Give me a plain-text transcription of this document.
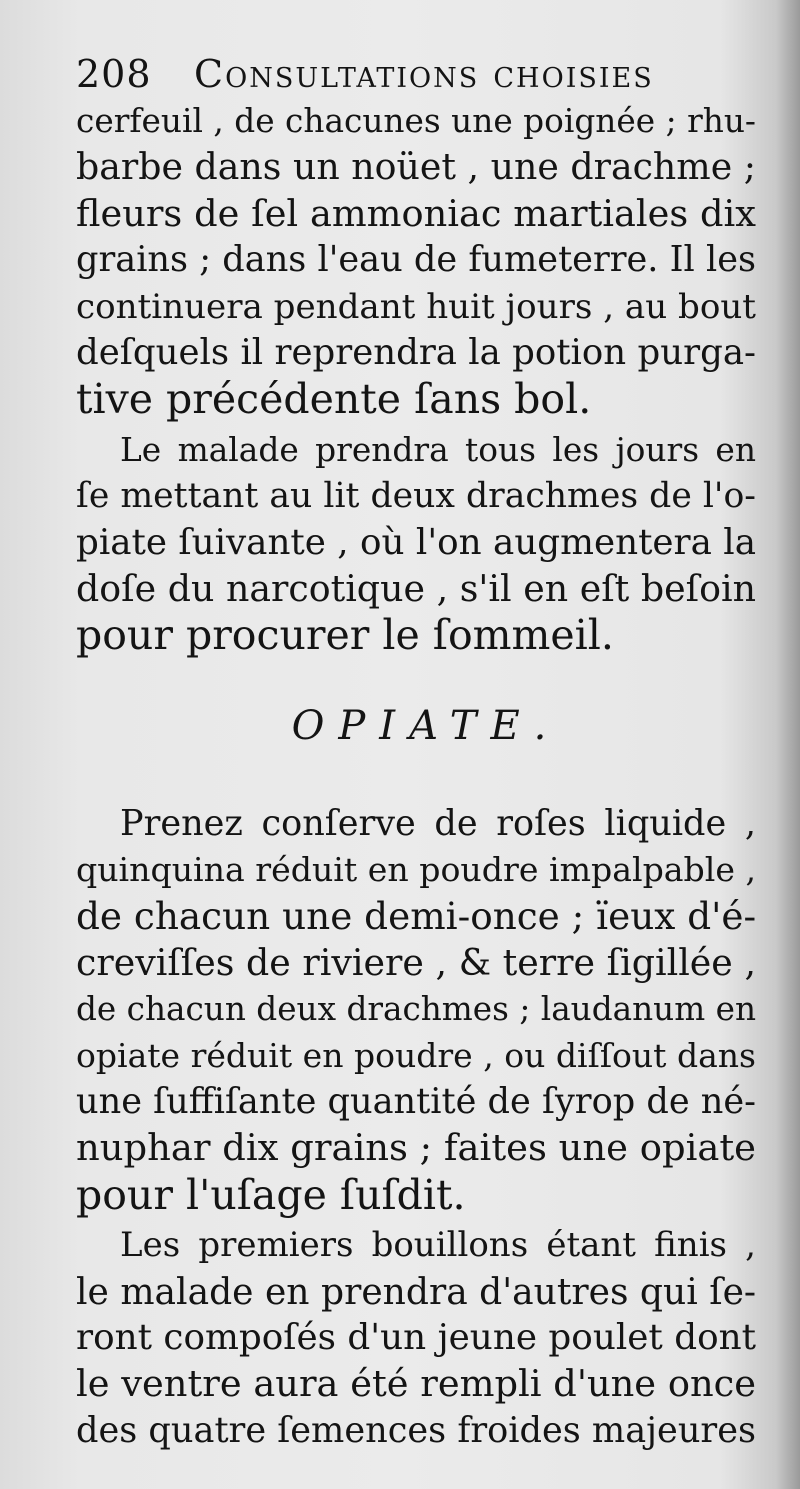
208 Consultations choisies
cerfeuil , de chacunes une poignée ; rhu-
barbe dans un noüet , une drachme ;
fleurs de ſel ammoniac martiales dix
grains ; dans l'eau de fumeterre. Il les
continuera pendant huit jours , au bout
deſquels il reprendra la potion purga-
tive précédente ſans bol.
Le malade prendra tous les jours en
ſe mettant au lit deux drachmes de l'o-
piate ſuivante , où l'on augmentera la
doſe du narcotique , s'il en eſt beſoin
pour procurer le ſommeil.
OPIATE.
Prenez conſerve de roſes liquide ,
quinquina réduit en poudre impalpable ,
de chacun une demi-once ; ïeux d'é-
creviſſes de riviere , & terre ſigillée ,
de chacun deux drachmes ; laudanum en
opiate réduit en poudre , ou diſſout dans
une ſuffiſante quantité de ſyrop de né-
nuphar dix grains ; faites une opiate
pour l'uſage ſuſdit.
Les premiers bouillons étant finis ,
le malade en prendra d'autres qui ſe-
ront compoſés d'un jeune poulet dont
le ventre aura été rempli d'une once
des quatre ſemences froides majeures
